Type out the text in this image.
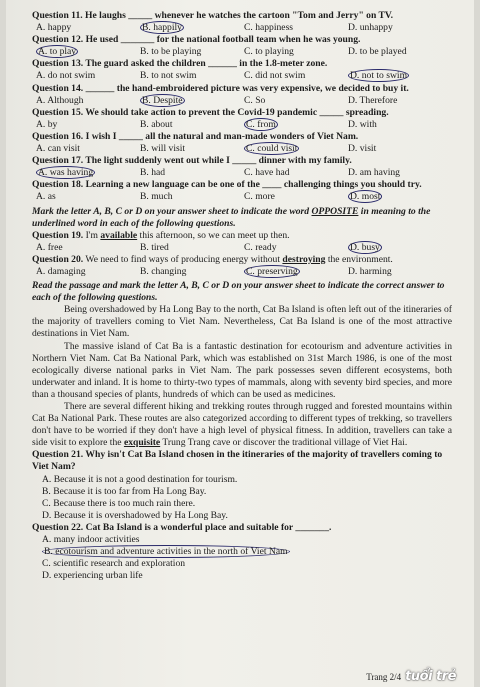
Question 11. He laughs _____ whenever he watches the cartoon "Tom and Jerry" on TV.
A. happy	B. happily	C. happiness	D. unhappy
Question 12. He used _______ for the national football team when he was young.
A. to play	B. to be playing	C. to playing	D. to be played
Question 13. The guard asked the children ______ in the 1.8-meter zone.
A. do not swim	B. to not swim	C. did not swim	D. not to swim
Question 14. ______ the hand-embroidered picture was very expensive, we decided to buy it.
A. Although	B. Despite	C. So	D. Therefore
Question 15. We should take action to prevent the Covid-19 pandemic _____ spreading.
A. by	B. about	C. from	D. with
Question 16. I wish I _____ all the natural and man-made wonders of Viet Nam.
A. can visit	B. will visit	C. could visit	D. visit
Question 17. The light suddenly went out while I _____ dinner with my family.
A. was having	B. had	C. have had	D. am having
Question 18. Learning a new language can be one of the ____ challenging things you should try.
A. as	B. much	C. more	D. most
Mark the letter A, B, C or D on your answer sheet to indicate the word OPPOSITE in meaning to the underlined word in each of the following questions.
Question 19. I'm available this afternoon, so we can meet up then.
A. free	B. tired	C. ready	D. busy
Question 20. We need to find ways of producing energy without destroying the environment.
A. damaging	B. changing	C. preserving	D. harming
Read the passage and mark the letter A, B, C or D on your answer sheet to indicate the correct answer to each of the following questions.

Being overshadowed by Ha Long Bay to the north, Cat Ba Island is often left out of the itineraries of the majority of travellers coming to Viet Nam. Nevertheless, Cat Ba Island is one of the most attractive destinations in Viet Nam.

The massive island of Cat Ba is a fantastic destination for ecotourism and adventure activities in Northern Viet Nam. Cat Ba National Park, which was established on 31st March 1986, is one of the most ecologically diverse national parks in Viet Nam. The park possesses seven different ecosystems, both underwater and inland. It is home to thirty-two types of mammals, along with seventy bird species, and more than a thousand species of plants, hundreds of which can be used as medicines.

There are several different hiking and trekking routes through rugged and forested mountains within Cat Ba National Park. These routes are also categorized according to different types of trekking, so travellers don't have to be worried if they don't have a high level of physical fitness. In addition, travellers can take a side visit to explore the exquisite Trung Trang cave or discover the traditional village of Viet Hai.

Question 21. Why isn't Cat Ba Island chosen in the itineraries of the majority of travellers coming to Viet Nam?
A. Because it is not a good destination for tourism.
B. Because it is too far from Ha Long Bay.
C. Because there is too much rain there.
D. Because it is overshadowed by Ha Long Bay.
Question 22. Cat Ba Island is a wonderful place and suitable for _______.
A. many indoor activities
B. ecotourism and adventure activities in the north of Viet Nam
C. scientific research and exploration
D. experiencing urban life
Trang 2/4 tuổi trẻ
